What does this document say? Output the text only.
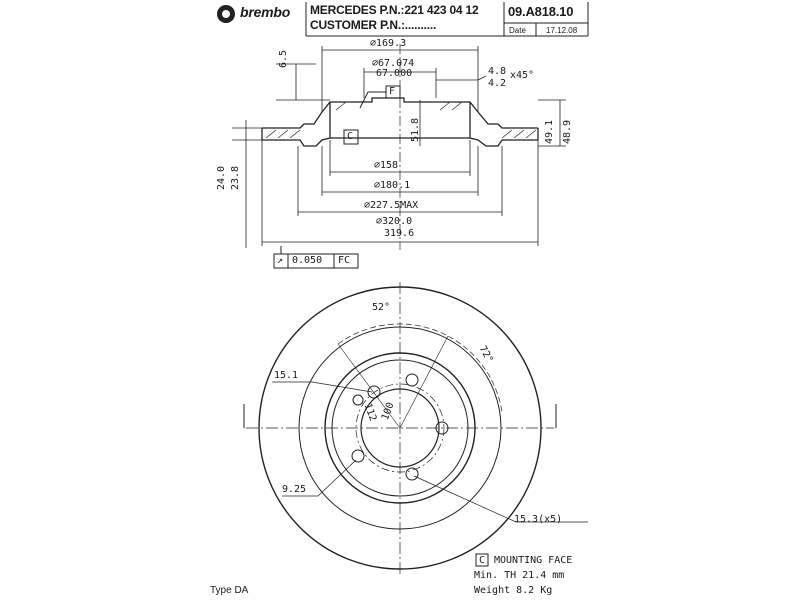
brembo MERCEDES P.N.:221 423 04 12
CUSTOMER P.N.:..........
09.A818.10
Date	17.12.08
∅169.3
∅67.074
67.000
6.5
4.8 x45°
4.2
F
C	51.8	49.1 48.9
24.0 23.8
∅158
∅180.1
∅227.5MAX
∅320.0
319.6
↗ 0.050 FC
52°
72°
15.1
112 100
9.25
15.3(x5)
C MOUNTING FACE
Min. TH 21.4 mm
Weight 8.2 Kg
Type DA
